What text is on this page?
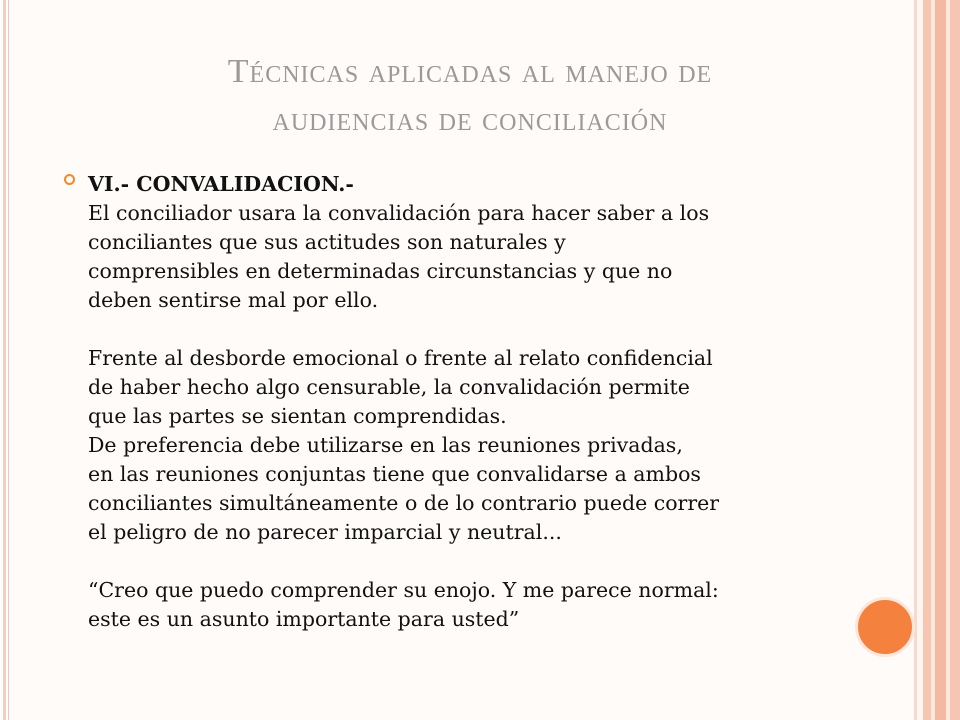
Técnicas aplicadas al manejo de
audiencias de conciliación
VI.- CONVALIDACION.-
El conciliador usara la convalidación para hacer saber a los
conciliantes que sus actitudes son naturales y
comprensibles en determinadas circunstancias y que no
deben sentirse mal por ello.
Frente al desborde emocional o frente al relato confidencial
de haber hecho algo censurable, la convalidación permite
que las partes se sientan comprendidas.
De preferencia debe utilizarse en las reuniones privadas,
en las reuniones conjuntas tiene que convalidarse a ambos
conciliantes simultáneamente o de lo contrario puede correr
el peligro de no parecer imparcial y neutral...
“Creo que puedo comprender su enojo. Y me parece normal:
este es un asunto importante para usted”
